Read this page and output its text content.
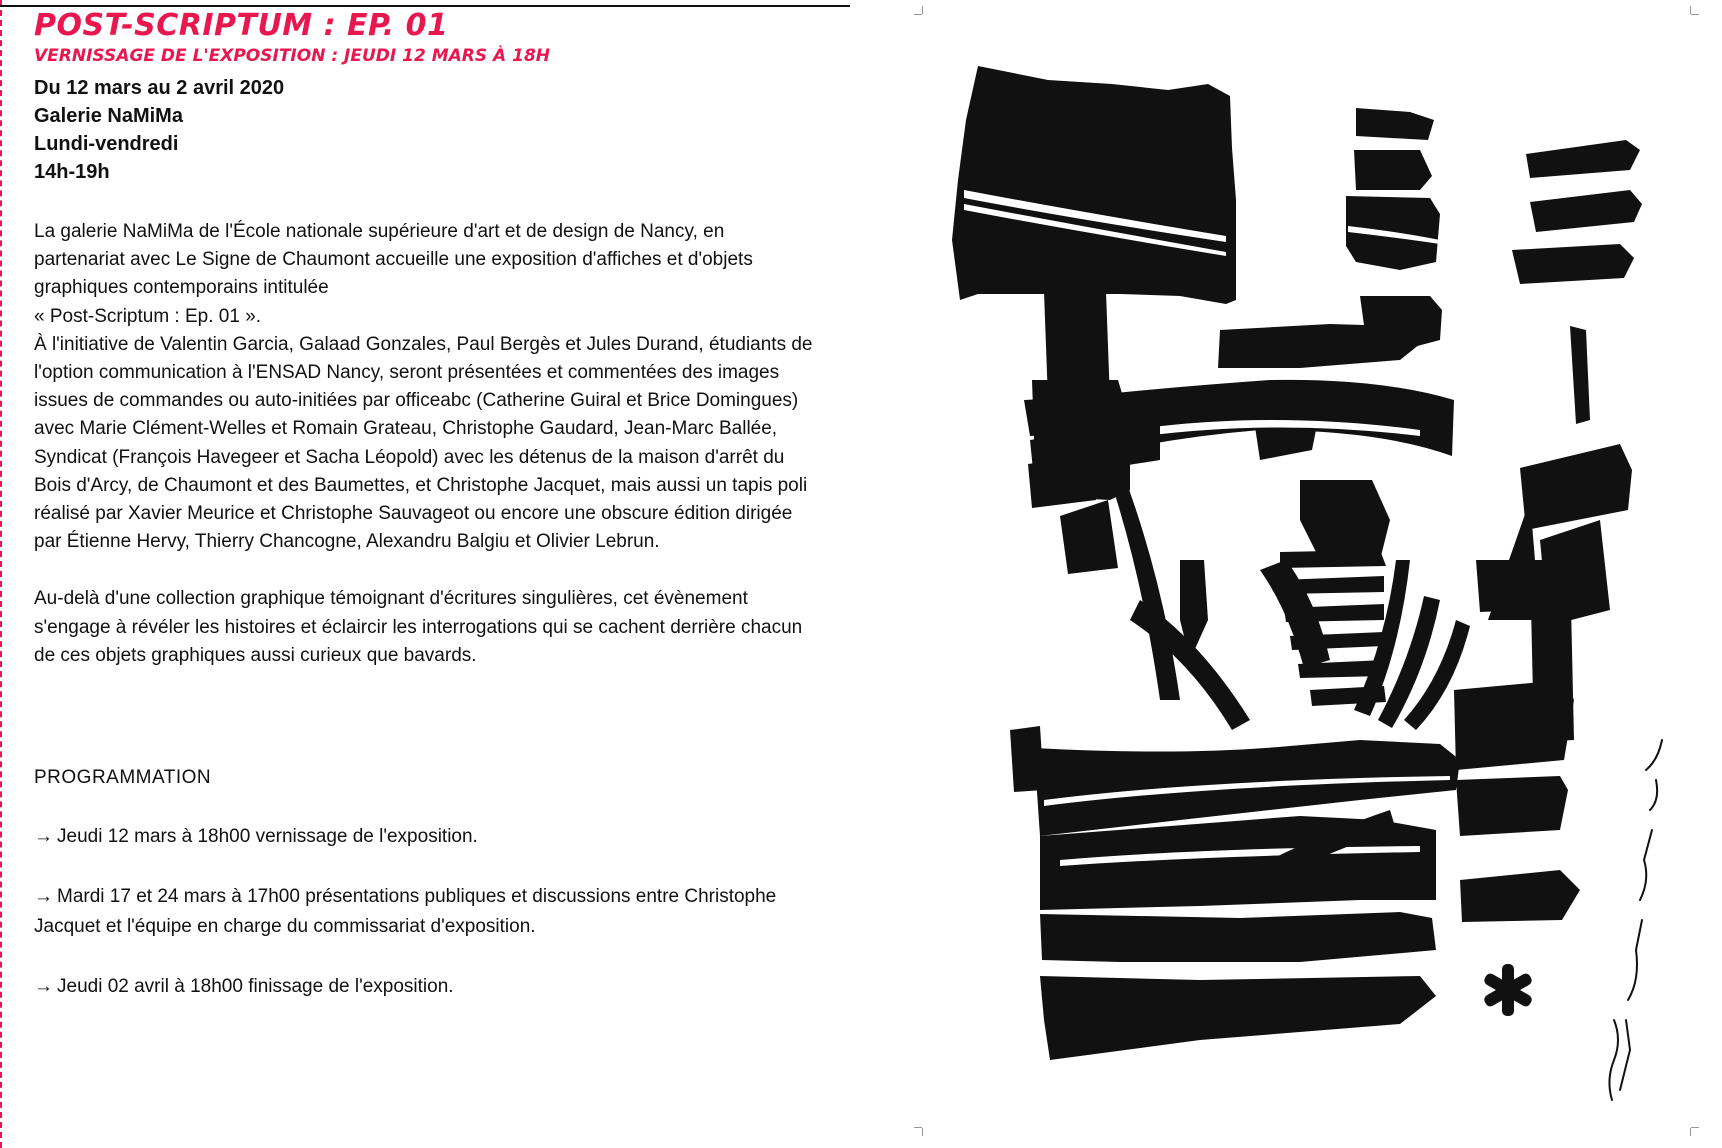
POST-SCRIPTUM : EP. 01
VERNISSAGE DE L'EXPOSITION : JEUDI 12 MARS À 18H

Du 12 mars au 2 avril 2020

Galerie NaMiMa

Lundi-vendredi

14h-19h

La galerie NaMiMa de l'École nationale supérieure d'art et de design de Nancy, en
partenariat avec Le Signe de Chaumont accueille une exposition d'affiches et d'objets
graphiques contemporains intitulée
« Post-Scriptum : Ep. 01 ».
À l'initiative de Valentin Garcia, Galaad Gonzales, Paul Bergès et Jules Durand, étudiants de
l'option communication à l'ENSAD Nancy, seront présentées et commentées des images
issues de commandes ou auto-initiées par officeabc (Catherine Guiral et Brice Domingues)
avec Marie Clément-Welles et Romain Grateau, Christophe Gaudard, Jean-Marc Ballée,
Syndicat (François Havegeer et Sacha Léopold) avec les détenus de la maison d'arrêt du
Bois d'Arcy, de Chaumont et des Baumettes, et Christophe Jacquet, mais aussi un tapis poli
réalisé par Xavier Meurice et Christophe Sauvageot ou encore une obscure édition dirigée
par Étienne Hervy, Thierry Chancogne, Alexandru Balgiu et Olivier Lebrun.
Au-delà d'une collection graphique témoignant d'écritures singulières, cet évènement
s'engage à révéler les histoires et éclaircir les interrogations qui se cachent derrière chacun
de ces objets graphiques aussi curieux que bavards.
PROGRAMMATION
→ Jeudi 12 mars à 18h00 vernissage de l'exposition.
→ Mardi 17 et 24 mars à 17h00 présentations publiques et discussions entre Christophe
Jacquet et l'équipe en charge du commissariat d'exposition.
→ Jeudi 02 avril à 18h00 finissage de l'exposition.
